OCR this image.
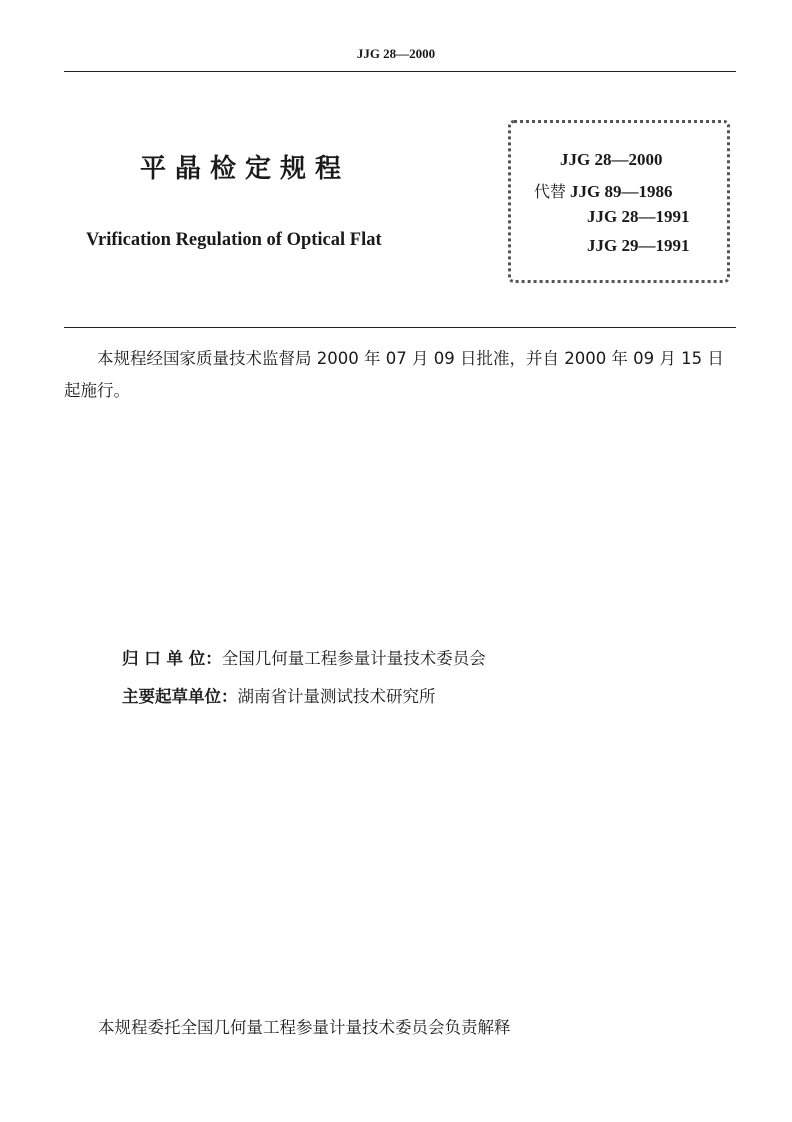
JJG 28—2000
平晶检定规程
Vrification Regulation of Optical Flat
JJG 28—2000
代替 JJG 89—1986
JJG 28—1991
JJG 29—1991
本规程经国家质量技术监督局 2000 年 07 月 09 日批准，并自 2000 年 09 月 15 日起施行。
归 口 单 位：全国几何量工程参量计量技术委员会
主要起草单位：湖南省计量测试技术研究所
本规程委托全国几何量工程参量计量技术委员会负责解释
